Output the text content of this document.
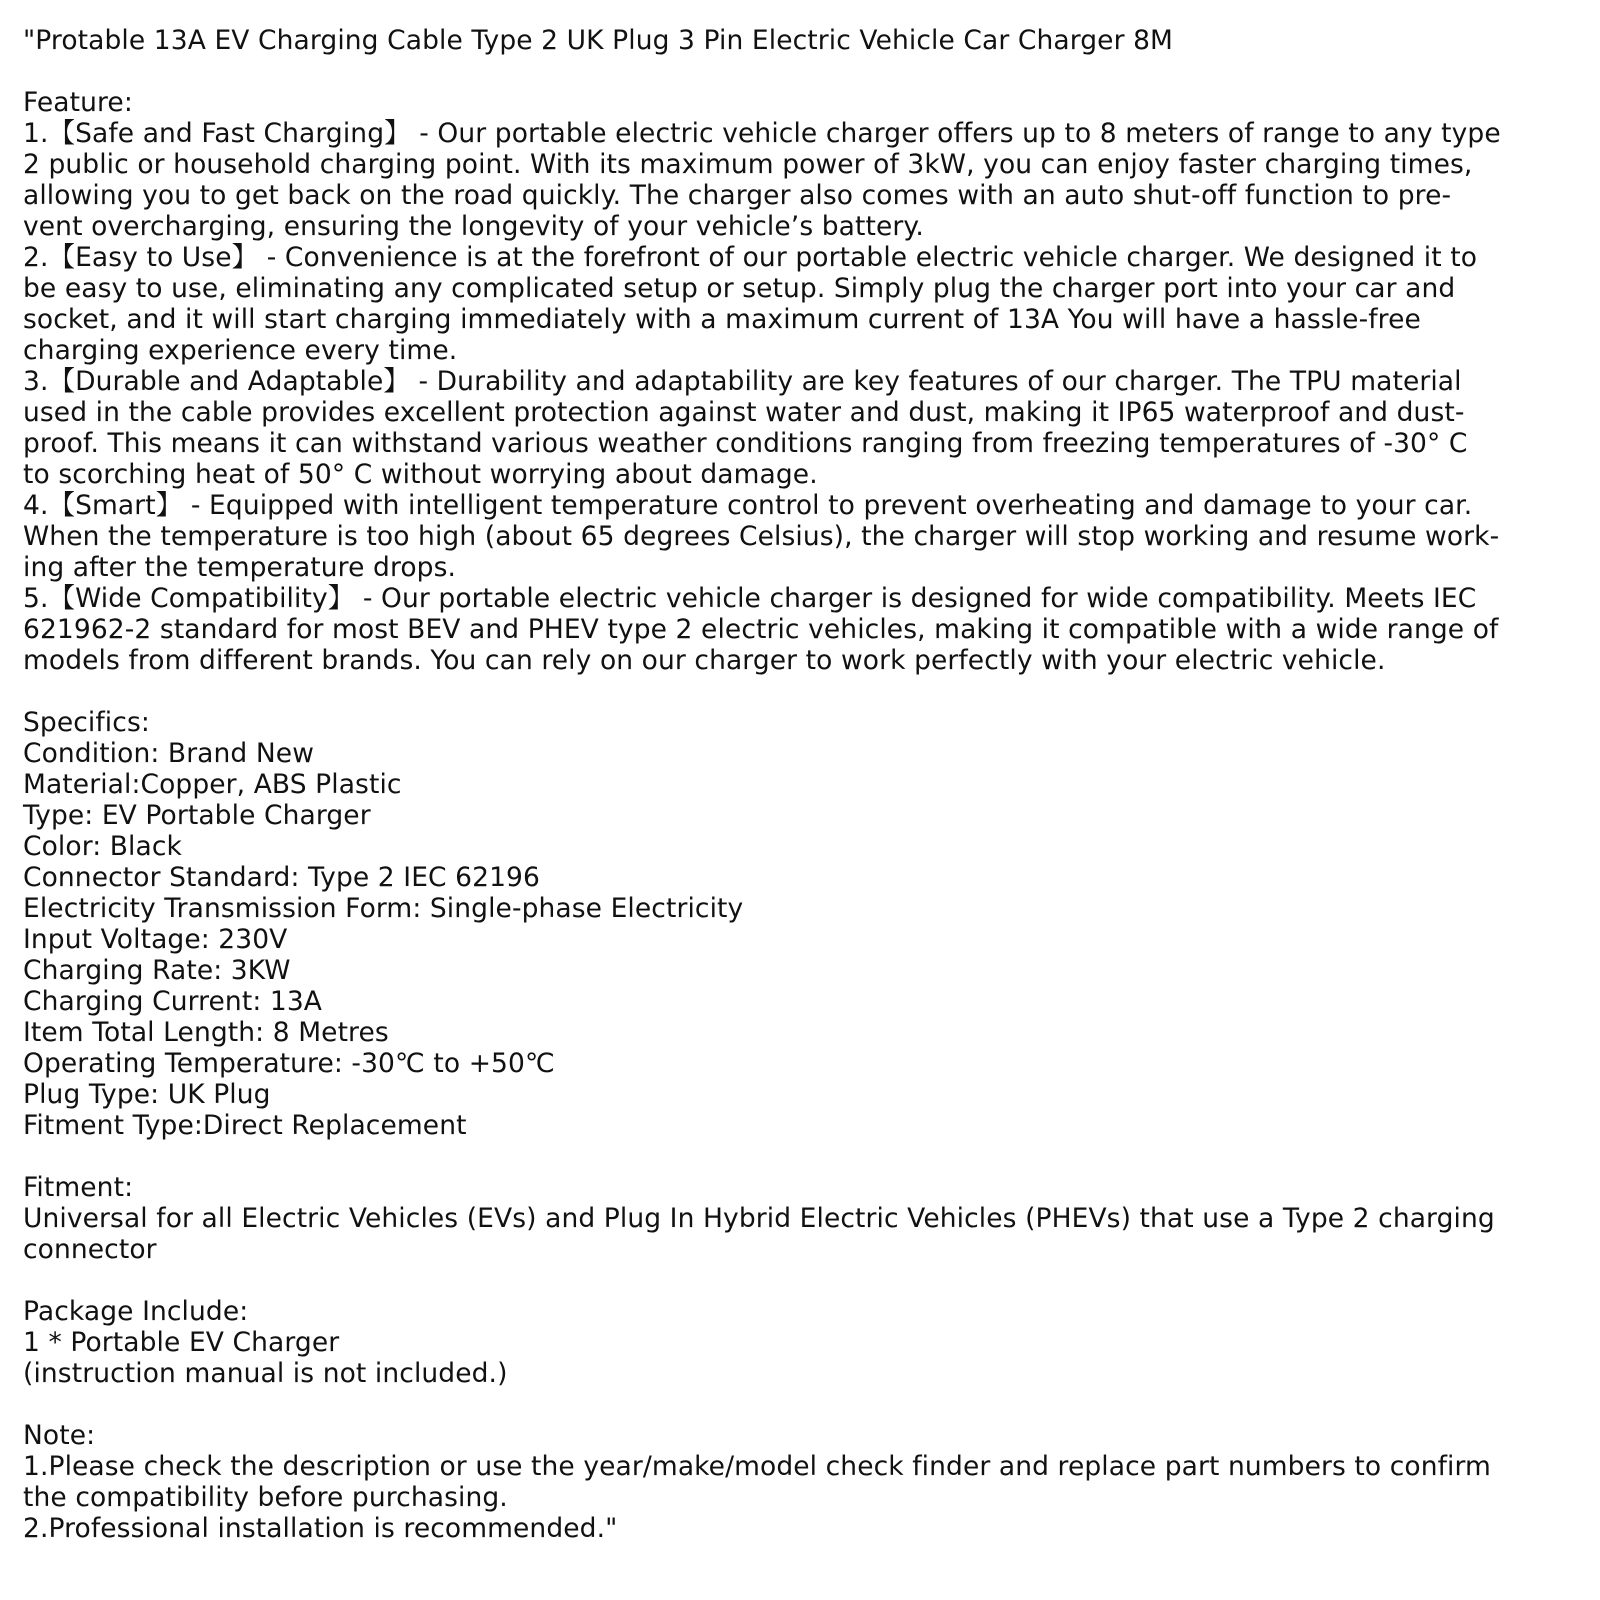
"Protable 13A EV Charging Cable Type 2 UK Plug 3 Pin Electric Vehicle Car Charger 8M
Feature:
1.【Safe and Fast Charging】 - Our portable electric vehicle charger offers up to 8 meters of range to any type
2 public or household charging point. With its maximum power of 3kW, you can enjoy faster charging times,
allowing you to get back on the road quickly. The charger also comes with an auto shut-off function to pre-
vent overcharging, ensuring the longevity of your vehicle’s battery.
2.【Easy to Use】 - Convenience is at the forefront of our portable electric vehicle charger. We designed it to
be easy to use, eliminating any complicated setup or setup. Simply plug the charger port into your car and
socket, and it will start charging immediately with a maximum current of 13A You will have a hassle-free
charging experience every time.
3.【Durable and Adaptable】 - Durability and adaptability are key features of our charger. The TPU material
used in the cable provides excellent protection against water and dust, making it IP65 waterproof and dust-
proof. This means it can withstand various weather conditions ranging from freezing temperatures of -30° C
to scorching heat of 50° C without worrying about damage.
4.【Smart】 - Equipped with intelligent temperature control to prevent overheating and damage to your car.
When the temperature is too high (about 65 degrees Celsius), the charger will stop working and resume work-
ing after the temperature drops.
5.【Wide Compatibility】 - Our portable electric vehicle charger is designed for wide compatibility. Meets IEC
621962-2 standard for most BEV and PHEV type 2 electric vehicles, making it compatible with a wide range of
models from different brands. You can rely on our charger to work perfectly with your electric vehicle.
Specifics:
Condition: Brand New
Material:Copper, ABS Plastic
Type: EV Portable Charger
Color: Black
Connector Standard: Type 2 IEC 62196
Electricity Transmission Form: Single-phase Electricity
Input Voltage: 230V
Charging Rate: 3KW
Charging Current: 13A
Item Total Length: 8 Metres
Operating Temperature: -30℃ to +50℃
Plug Type: UK Plug
Fitment Type:Direct Replacement
Fitment:
Universal for all Electric Vehicles (EVs) and Plug In Hybrid Electric Vehicles (PHEVs) that use a Type 2 charging
connector
Package Include:
1 * Portable EV Charger
(instruction manual is not included.)
Note:
1.Please check the description or use the year/make/model check finder and replace part numbers to confirm
the compatibility before purchasing.
2.Professional installation is recommended."
